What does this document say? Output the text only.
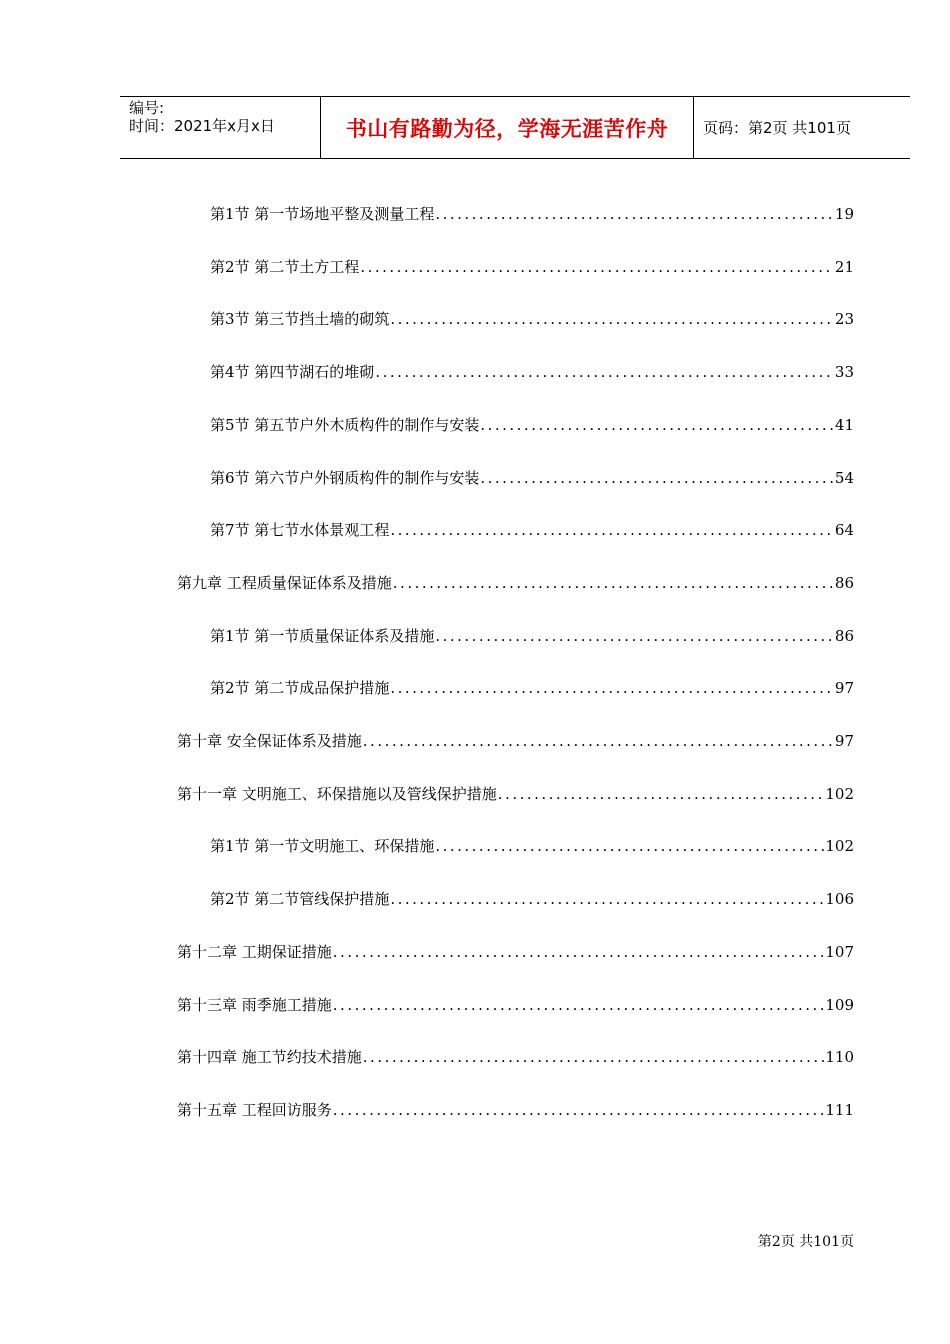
编号:
时间：2021年x月x日	书山有路勤为径，学海无涯苦作舟	页码：第2页 共101页
第1节 第一节场地平整及测量工程 .....	19
第2节 第二节土方工程 .....	21
第3节 第三节挡土墙的砌筑 .....	23
第4节 第四节湖石的堆砌 .....	33
第5节 第五节户外木质构件的制作与安装 .....	41
第6节 第六节户外钢质构件的制作与安装 .....	54
第7节 第七节水体景观工程 .....	64
第九章 工程质量保证体系及措施 .....	86
第1节 第一节质量保证体系及措施 .....	86
第2节 第二节成品保护措施 .....	97
第十章 安全保证体系及措施 .....	97
第十一章 文明施工、环保措施以及管线保护措施 .....	102
第1节 第一节文明施工、环保措施 .....	102
第2节 第二节管线保护措施 .....	106
第十二章 工期保证措施 .....	107
第十三章 雨季施工措施 .....	109
第十四章 施工节约技术措施 .....	110
第十五章 工程回访服务 .....	111
第2页 共101页
